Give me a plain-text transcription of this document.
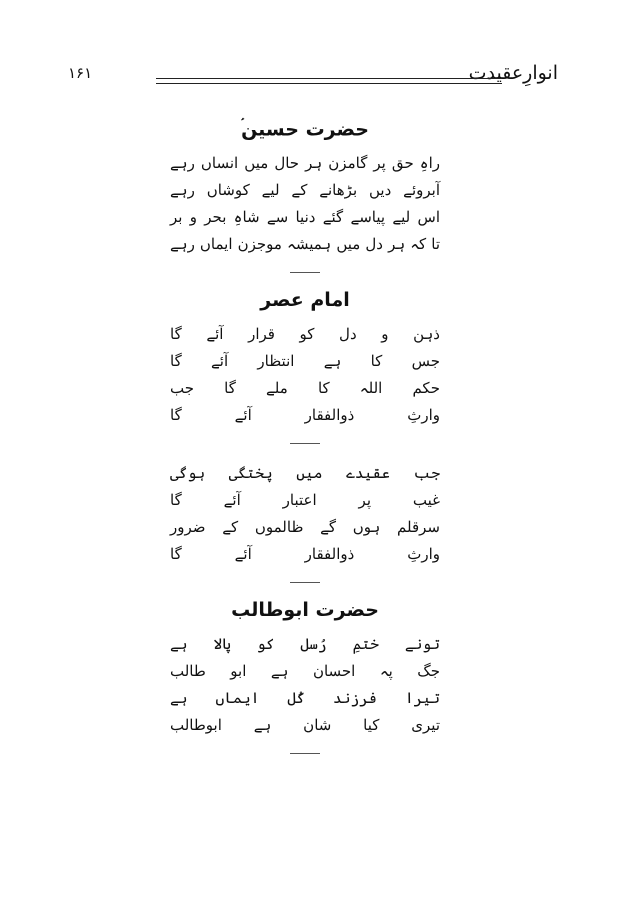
انوارِعقیدت
۱۶۱
حضرت حسین
راہِ حق پر گامزن ہر حال میں انساں رہے
آبروئے دیں بڑھانے کے لیے کوشاں رہے
اس لیے پیاسے گئے دنیا سے شاہِ بحر و بر
تا کہ ہر دل میں ہمیشہ موجزن ایماں رہے
امام عصر
ذہن و دل کو قرار آئے گا
جس کا ہے انتظار آئے گا
حکم اللہ کا ملے گا جب
وارثِ ذوالفقار آئے گا
جب عقیدے میں پختگی ہوگی
غیب پر اعتبار آئے گا
سرقلم ہوں گے ظالموں کے ضرور
وارثِ ذوالفقار آئے گا
حضرت ابوطالب
تونے ختمِ رُسل کو پالا ہے
جگ پہ احسان ہے ابو طالب
تیرا فرزند کُل ایماں ہے
تیری کیا شان ہے ابوطالب
